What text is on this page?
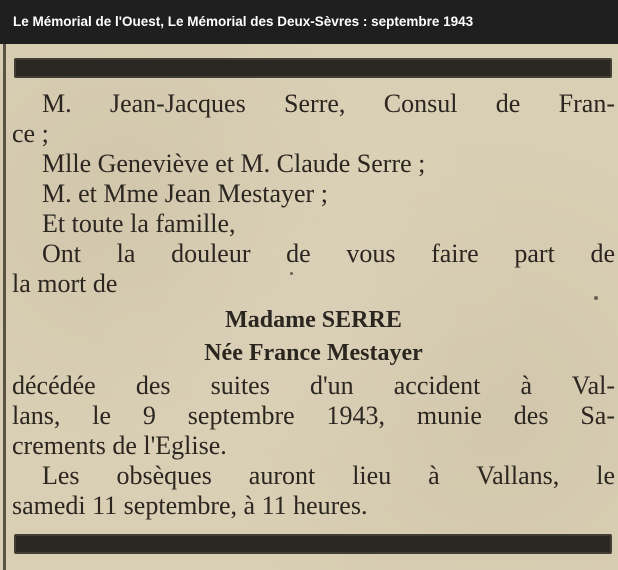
Le Mémorial de l'Ouest, Le Mémorial des Deux-Sèvres : septembre 1943
M. Jean-Jacques Serre, Consul de Fran-
ce ;
Mlle Geneviève et M. Claude Serre ;
M. et Mme Jean Mestayer ;
Et toute la famille,
Ont la douleur de vous faire part de
la mort de
Madame SERRE
Née France Mestayer
décédée des suites d'un accident à Val-
lans, le 9 septembre 1943, munie des Sa-
crements de l'Eglise.
Les obsèques auront lieu à Vallans, le
samedi 11 septembre, à 11 heures.
